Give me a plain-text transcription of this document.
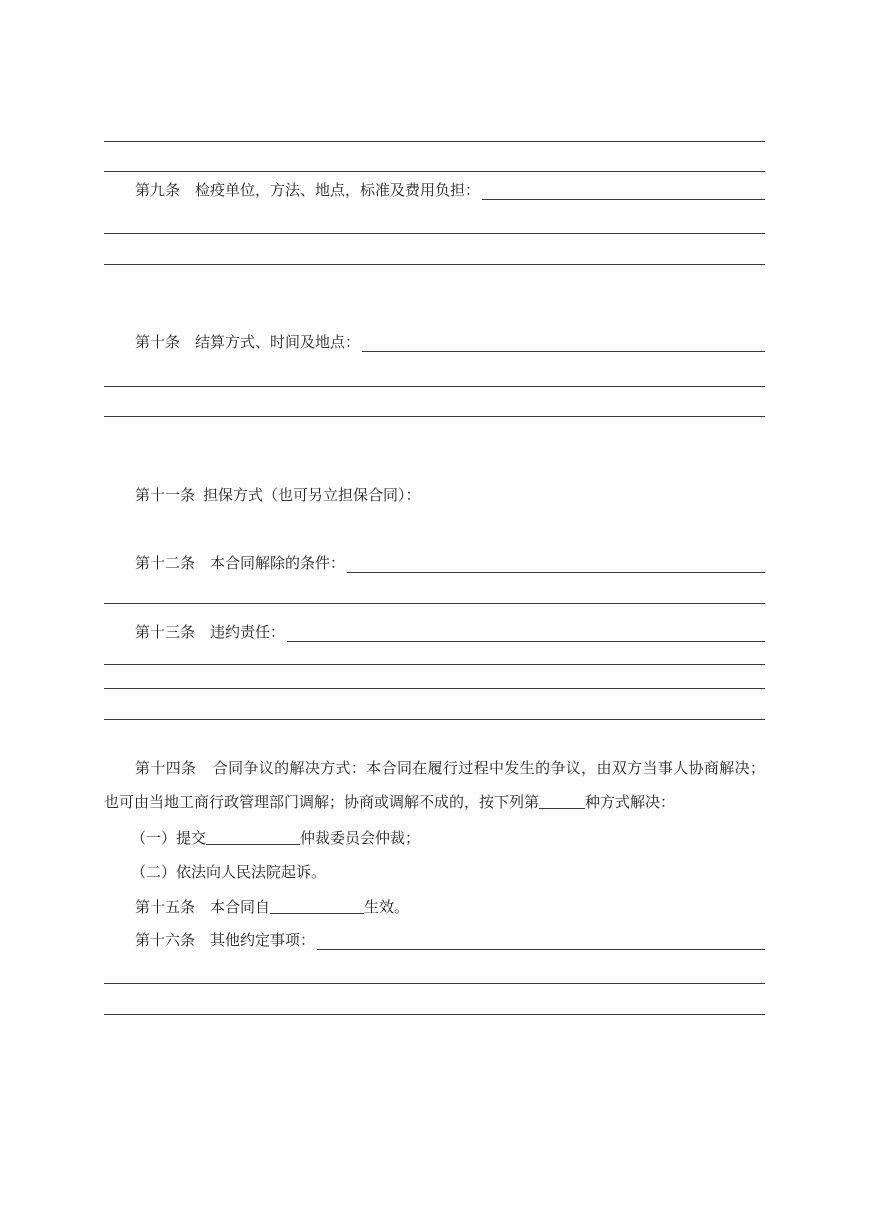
第九条 检疫单位，方法、地点，标准及费用负担：
第十条 结算方式、时间及地点：
第十一条 担保方式（也可另立担保合同）：
第十二条 本合同解除的条件：
第十三条 违约责任：
第十四条 合同争议的解决方式：本合同在履行过程中发生的争议，由双方当事人协商解决；也可由当地工商行政管理部门调解；协商或调解不成的，按下列第	种方式解决：
（一）提交	仲裁委员会仲裁；
（二）依法向人民法院起诉。
第十五条 本合同自	生效。
第十六条 其他约定事项：
